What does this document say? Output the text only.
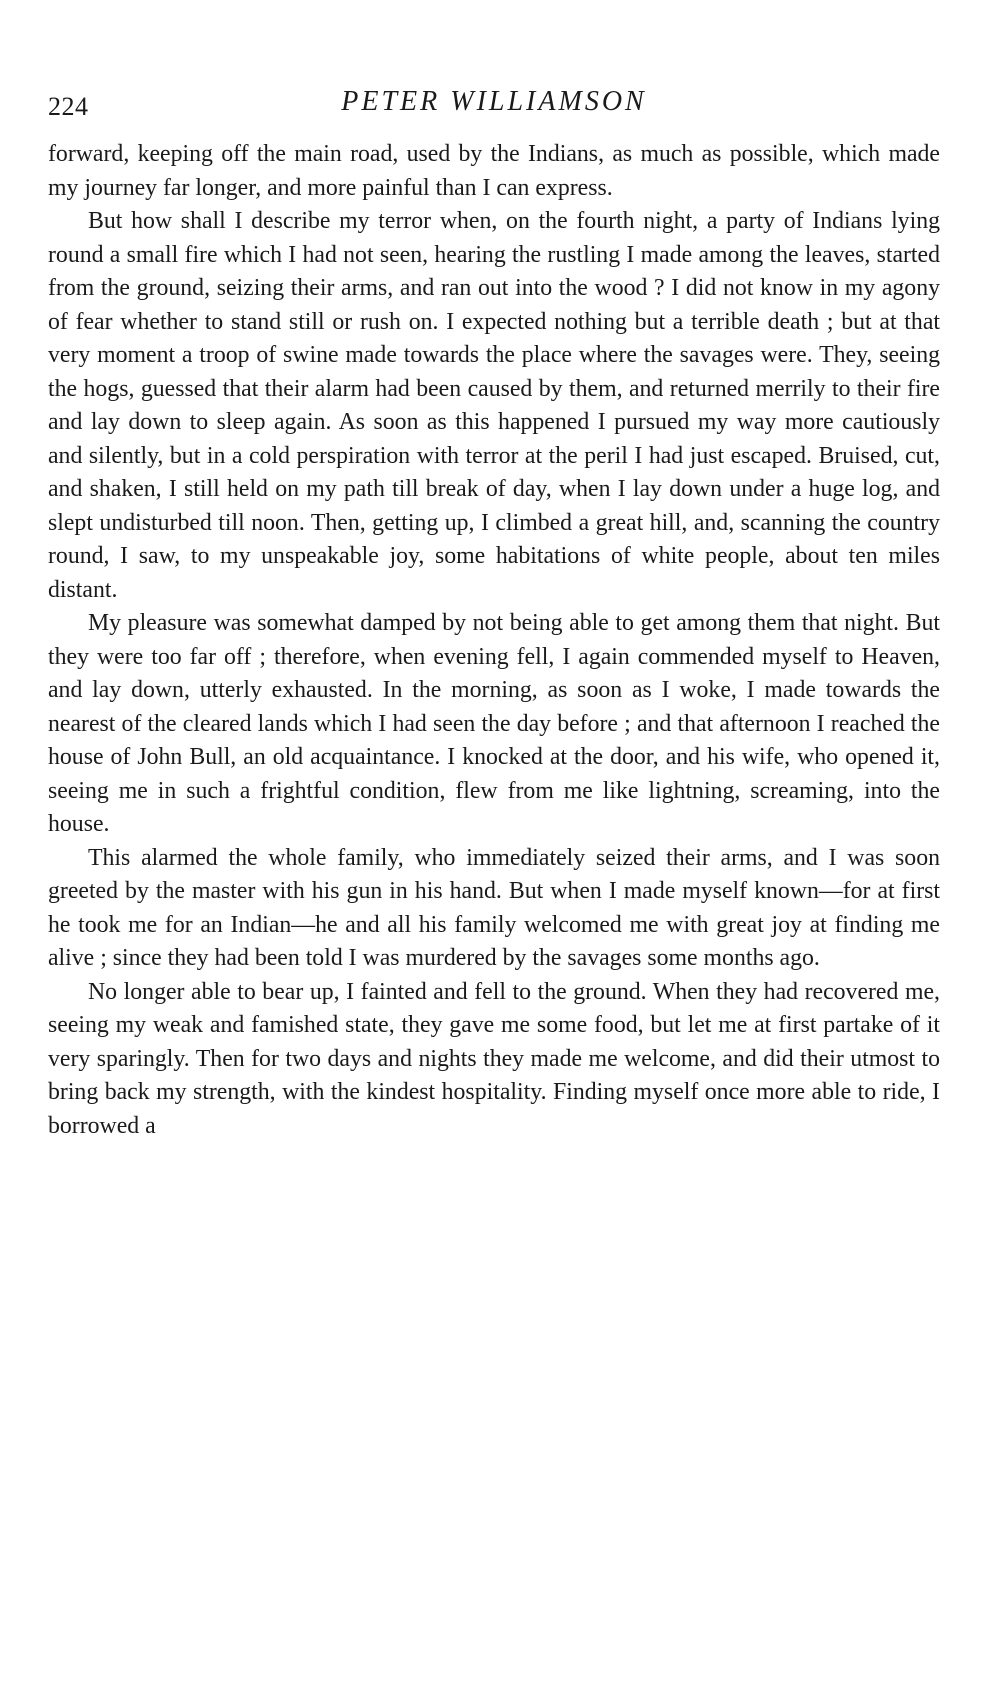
224	PETER WILLIAMSON

forward, keeping off the main road, used by the Indians, as much as possible, which made my journey far longer, and more painful than I can express.

But how shall I describe my terror when, on the fourth night, a party of Indians lying round a small fire which I had not seen, hearing the rustling I made among the leaves, started from the ground, seizing their arms, and ran out into the wood ? I did not know in my agony of fear whether to stand still or rush on. I expected nothing but a terrible death ; but at that very moment a troop of swine made towards the place where the savages were. They, seeing the hogs, guessed that their alarm had been caused by them, and returned merrily to their fire and lay down to sleep again. As soon as this happened I pursued my way more cautiously and silently, but in a cold perspiration with terror at the peril I had just escaped. Bruised, cut, and shaken, I still held on my path till break of day, when I lay down under a huge log, and slept undisturbed till noon. Then, getting up, I climbed a great hill, and, scanning the country round, I saw, to my unspeakable joy, some habitations of white people, about ten miles distant.

My pleasure was somewhat damped by not being able to get among them that night. But they were too far off ; therefore, when evening fell, I again commended myself to Heaven, and lay down, utterly exhausted. In the morning, as soon as I woke, I made towards the nearest of the cleared lands which I had seen the day before ; and that afternoon I reached the house of John Bull, an old acquaintance. I knocked at the door, and his wife, who opened it, seeing me in such a frightful condition, flew from me like lightning, screaming, into the house.

This alarmed the whole family, who immediately seized their arms, and I was soon greeted by the master with his gun in his hand. But when I made myself known—for at first he took me for an Indian—he and all his family welcomed me with great joy at finding me alive ; since they had been told I was murdered by the savages some months ago.

No longer able to bear up, I fainted and fell to the ground. When they had recovered me, seeing my weak and famished state, they gave me some food, but let me at first partake of it very sparingly. Then for two days and nights they made me welcome, and did their utmost to bring back my strength, with the kindest hospitality. Finding myself once more able to ride, I borrowed a
